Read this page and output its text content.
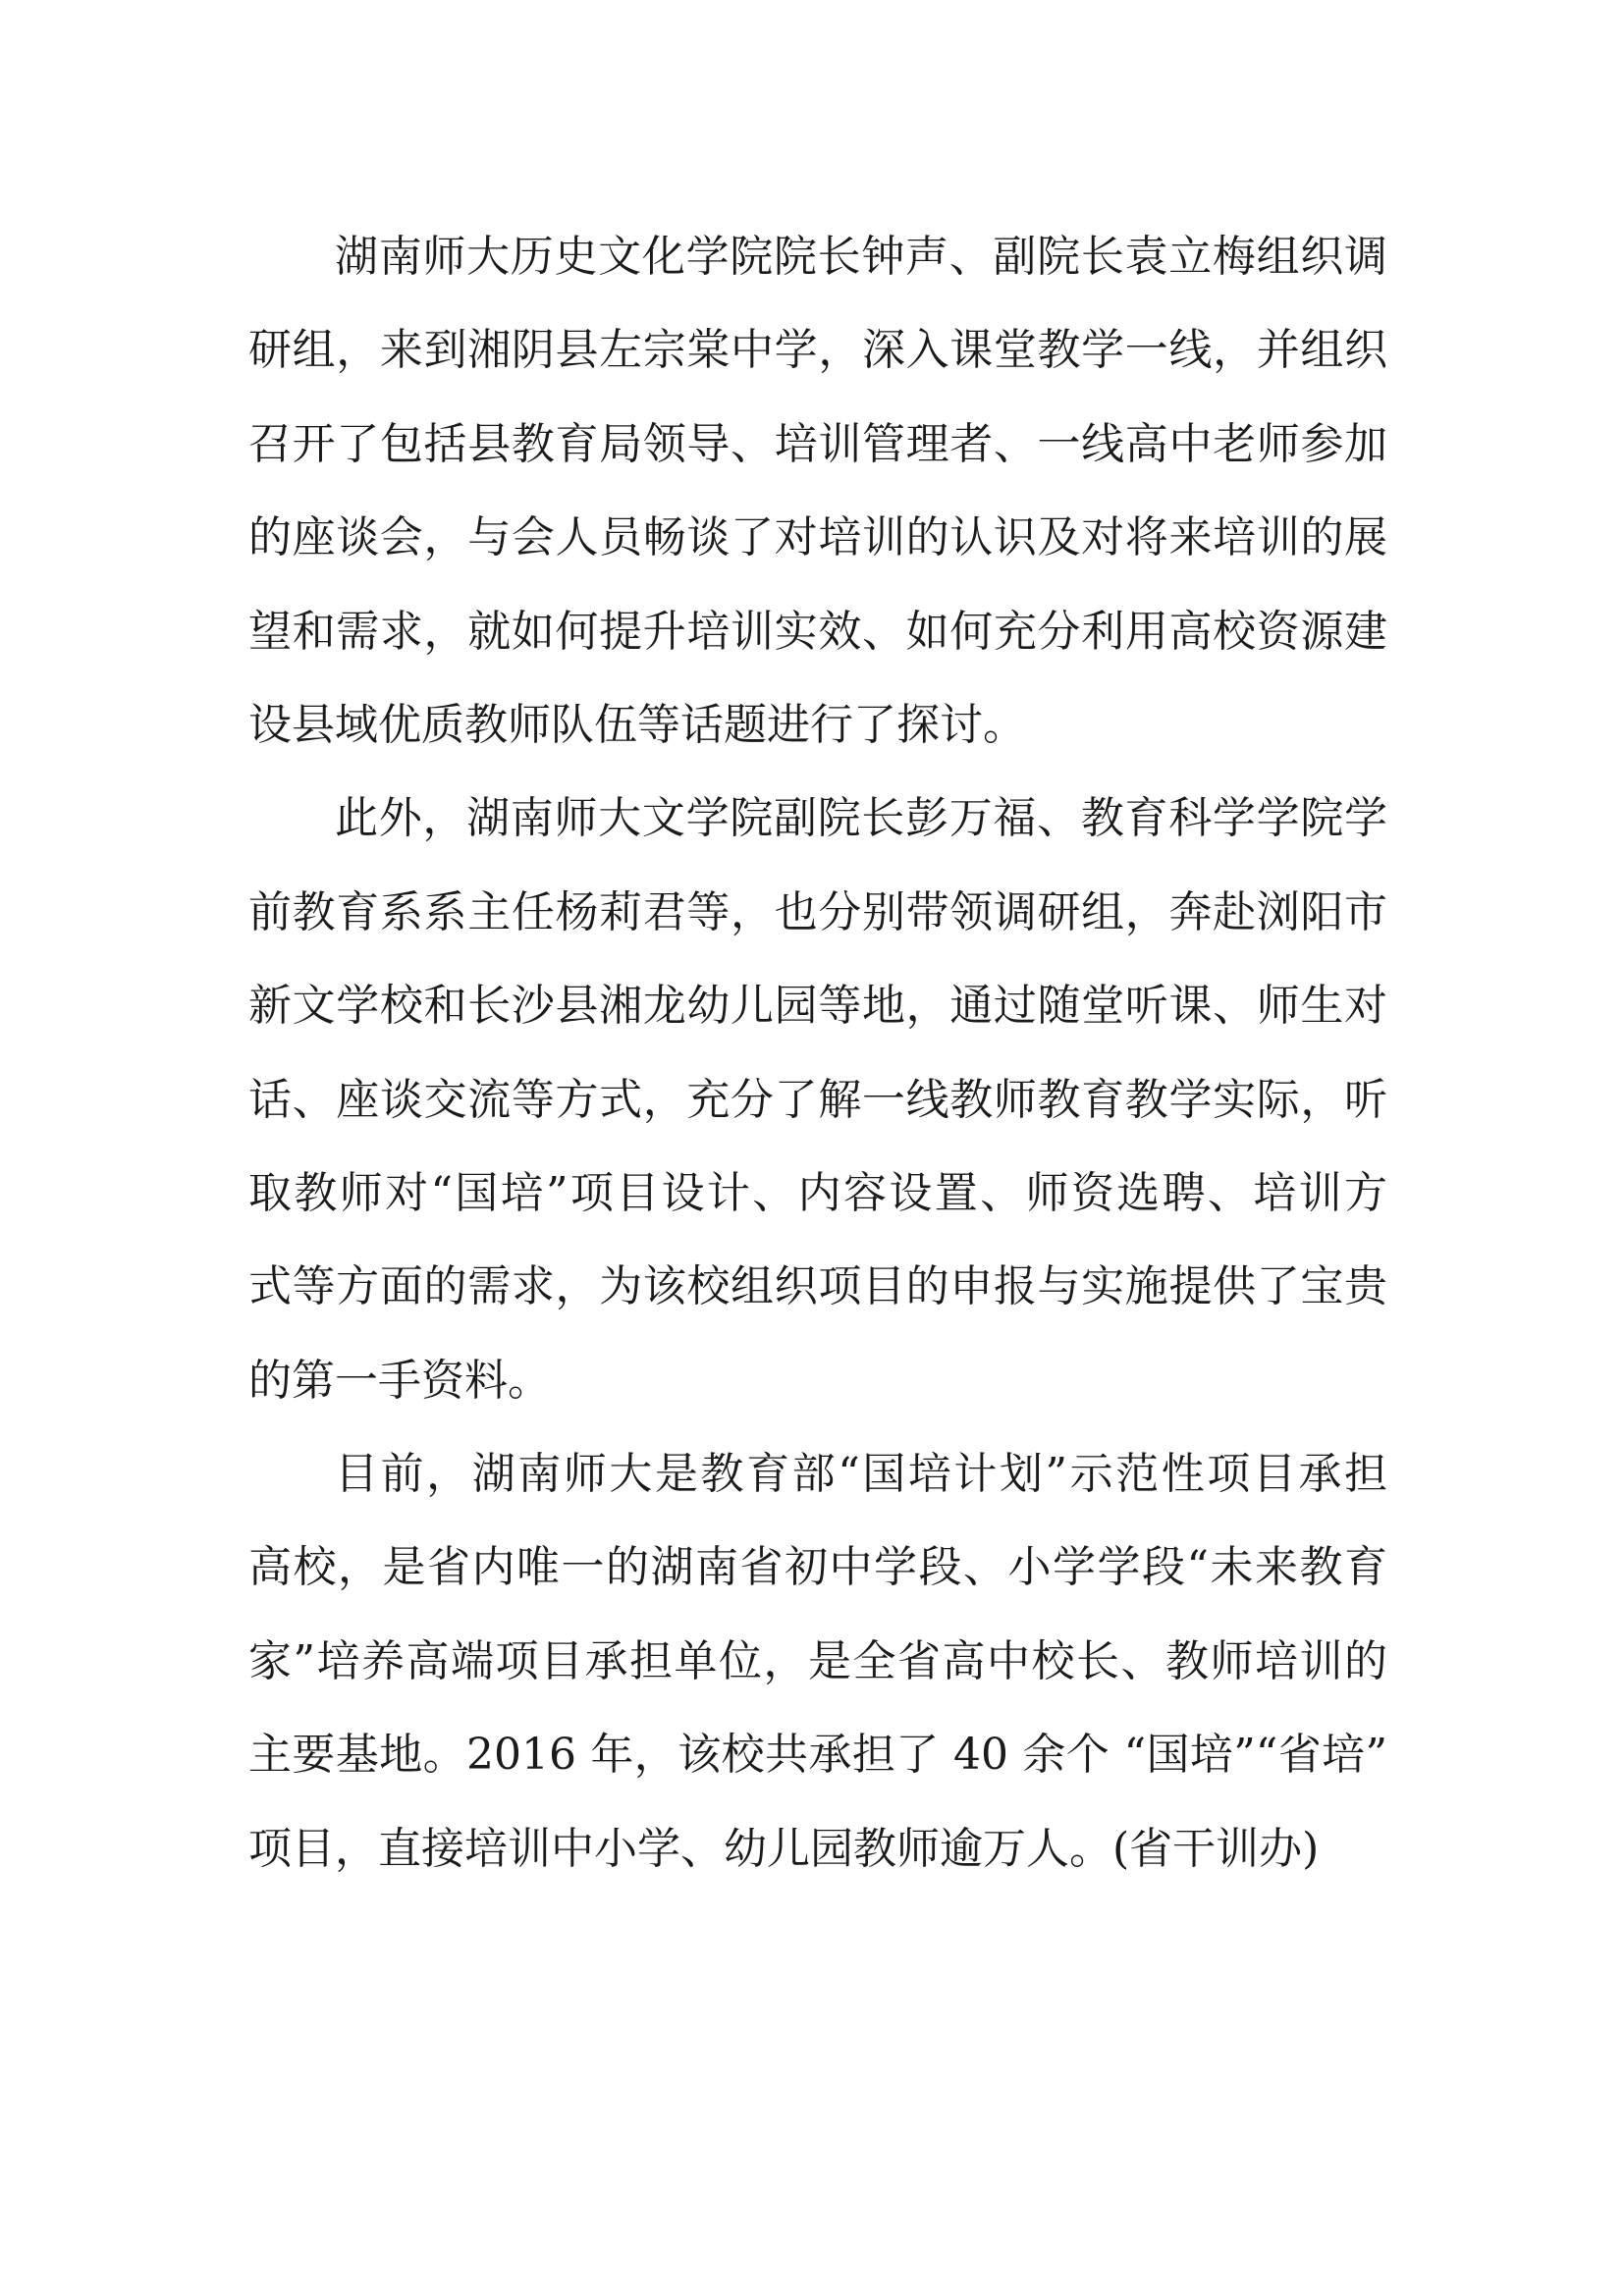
湖南师大历史文化学院院长钟声、副院长袁立梅组织调
研组，来到湘阴县左宗棠中学，深入课堂教学一线，并组织
召开了包括县教育局领导、培训管理者、一线高中老师参加
的座谈会，与会人员畅谈了对培训的认识及对将来培训的展
望和需求，就如何提升培训实效、如何充分利用高校资源建
设县域优质教师队伍等话题进行了探讨。
此外，湖南师大文学院副院长彭万福、教育科学学院学
前教育系系主任杨莉君等，也分别带领调研组，奔赴浏阳市
新文学校和长沙县湘龙幼儿园等地，通过随堂听课、师生对
话、座谈交流等方式，充分了解一线教师教育教学实际，听
取教师对“国培”项目设计、内容设置、师资选聘、培训方
式等方面的需求，为该校组织项目的申报与实施提供了宝贵
的第一手资料。
目前，湖南师大是教育部“国培计划”示范性项目承担
高校，是省内唯一的湖南省初中学段、小学学段“未来教育
家”培养高端项目承担单位，是全省高中校长、教师培训的
主要基地。2016 年，该校共承担了 40 余个 “国培”“省培”
项目，直接培训中小学、幼儿园教师逾万人。(省干训办)
